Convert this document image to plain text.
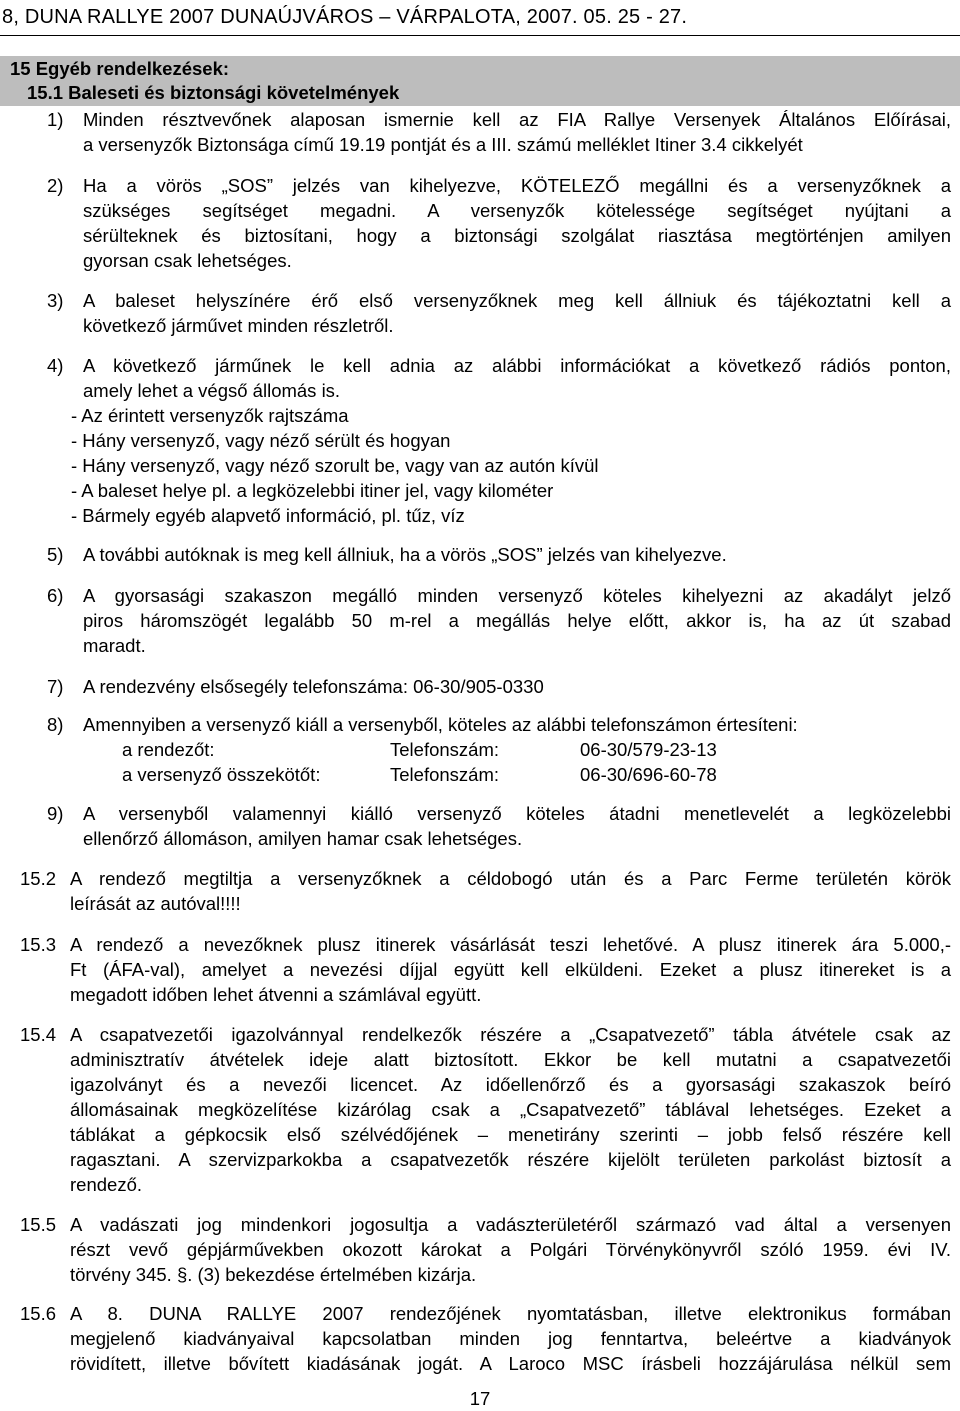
8, DUNA RALLYE 2007 DUNAÚJVÁROS – VÁRPALOTA, 2007. 05. 25 - 27.
15 Egyéb rendelkezések:
15.1 Baleseti és biztonsági követelmények
1) Minden résztvevőnek alaposan ismernie kell az FIA Rallye Versenyek Általános Előírásai,
a versenyzők Biztonsága című 19.19 pontját és a III. számú melléklet Itiner 3.4 cikkelyét
2) Ha a vörös „SOS” jelzés van kihelyezve, KÖTELEZŐ megállni és a versenyzőknek a
szükséges segítséget megadni. A versenyzők kötelessége segítséget nyújtani a
sérülteknek és biztosítani, hogy a biztonsági szolgálat riasztása megtörténjen amilyen
gyorsan csak lehetséges.
3) A baleset helyszínére érő első versenyzőknek meg kell állniuk és tájékoztatni kell a
következő járművet minden részletről.
4) A következő járműnek le kell adnia az alábbi információkat a következő rádiós ponton,
amely lehet a végső állomás is.
- Az érintett versenyzők rajtszáma
- Hány versenyző, vagy néző sérült és hogyan
- Hány versenyző, vagy néző szorult be, vagy van az autón kívül
- A baleset helye pl. a legközelebbi itiner jel, vagy kilométer
- Bármely egyéb alapvető információ, pl. tűz, víz
5) A további autóknak is meg kell állniuk, ha a vörös „SOS” jelzés van kihelyezve.
6) A gyorsasági szakaszon megálló minden versenyző köteles kihelyezni az akadályt jelző
piros háromszögét legalább 50 m-rel a megállás helye előtt, akkor is, ha az út szabad
maradt.
7) A rendezvény elsősegély telefonszáma: 06-30/905-0330
8) Amennyiben a versenyző kiáll a versenyből, köteles az alábbi telefonszámon értesíteni:
a rendezőt:	Telefonszám:	06-30/579-23-13
a versenyző összekötőt:	Telefonszám:	06-30/696-60-78
9) A versenyből valamennyi kiálló versenyző köteles átadni menetlevelét a legközelebbi
ellenőrző állomáson, amilyen hamar csak lehetséges.
15.2 A rendező megtiltja a versenyzőknek a céldobogó után és a Parc Ferme területén körök
leírását az autóval!!!!
15.3 A rendező a nevezőknek plusz itinerek vásárlását teszi lehetővé. A plusz itinerek ára 5.000,-
Ft (ÁFA-val), amelyet a nevezési díjjal együtt kell elküldeni. Ezeket a plusz itinereket is a
megadott időben lehet átvenni a számlával együtt.
15.4 A csapatvezetői igazolvánnyal rendelkezők részére a „Csapatvezető” tábla átvétele csak az
adminisztratív átvételek ideje alatt biztosított. Ekkor be kell mutatni a csapatvezetői
igazolványt és a nevezői licencet. Az időellenőrző és a gyorsasági szakaszok beíró
állomásainak megközelítése kizárólag csak a „Csapatvezető” táblával lehetséges. Ezeket a
táblákat a gépkocsik első szélvédőjének – menetirány szerinti – jobb felső részére kell
ragasztani. A szervizparkokba a csapatvezetők részére kijelölt területen parkolást biztosít a
rendező.
15.5 A vadászati jog mindenkori jogosultja a vadászterületéről származó vad által a versenyen
részt vevő gépjárművekben okozott károkat a Polgári Törvénykönyvről szóló 1959. évi IV.
törvény 345. §. (3) bekezdése értelmében kizárja.
15.6 A 8. DUNA RALLYE 2007 rendezőjének nyomtatásban, illetve elektronikus formában
megjelenő kiadványaival kapcsolatban minden jog fenntartva, beleértve a kiadványok
rövidített, illetve bővített kiadásának jogát. A Laroco MSC írásbeli hozzájárulása nélkül sem
17
